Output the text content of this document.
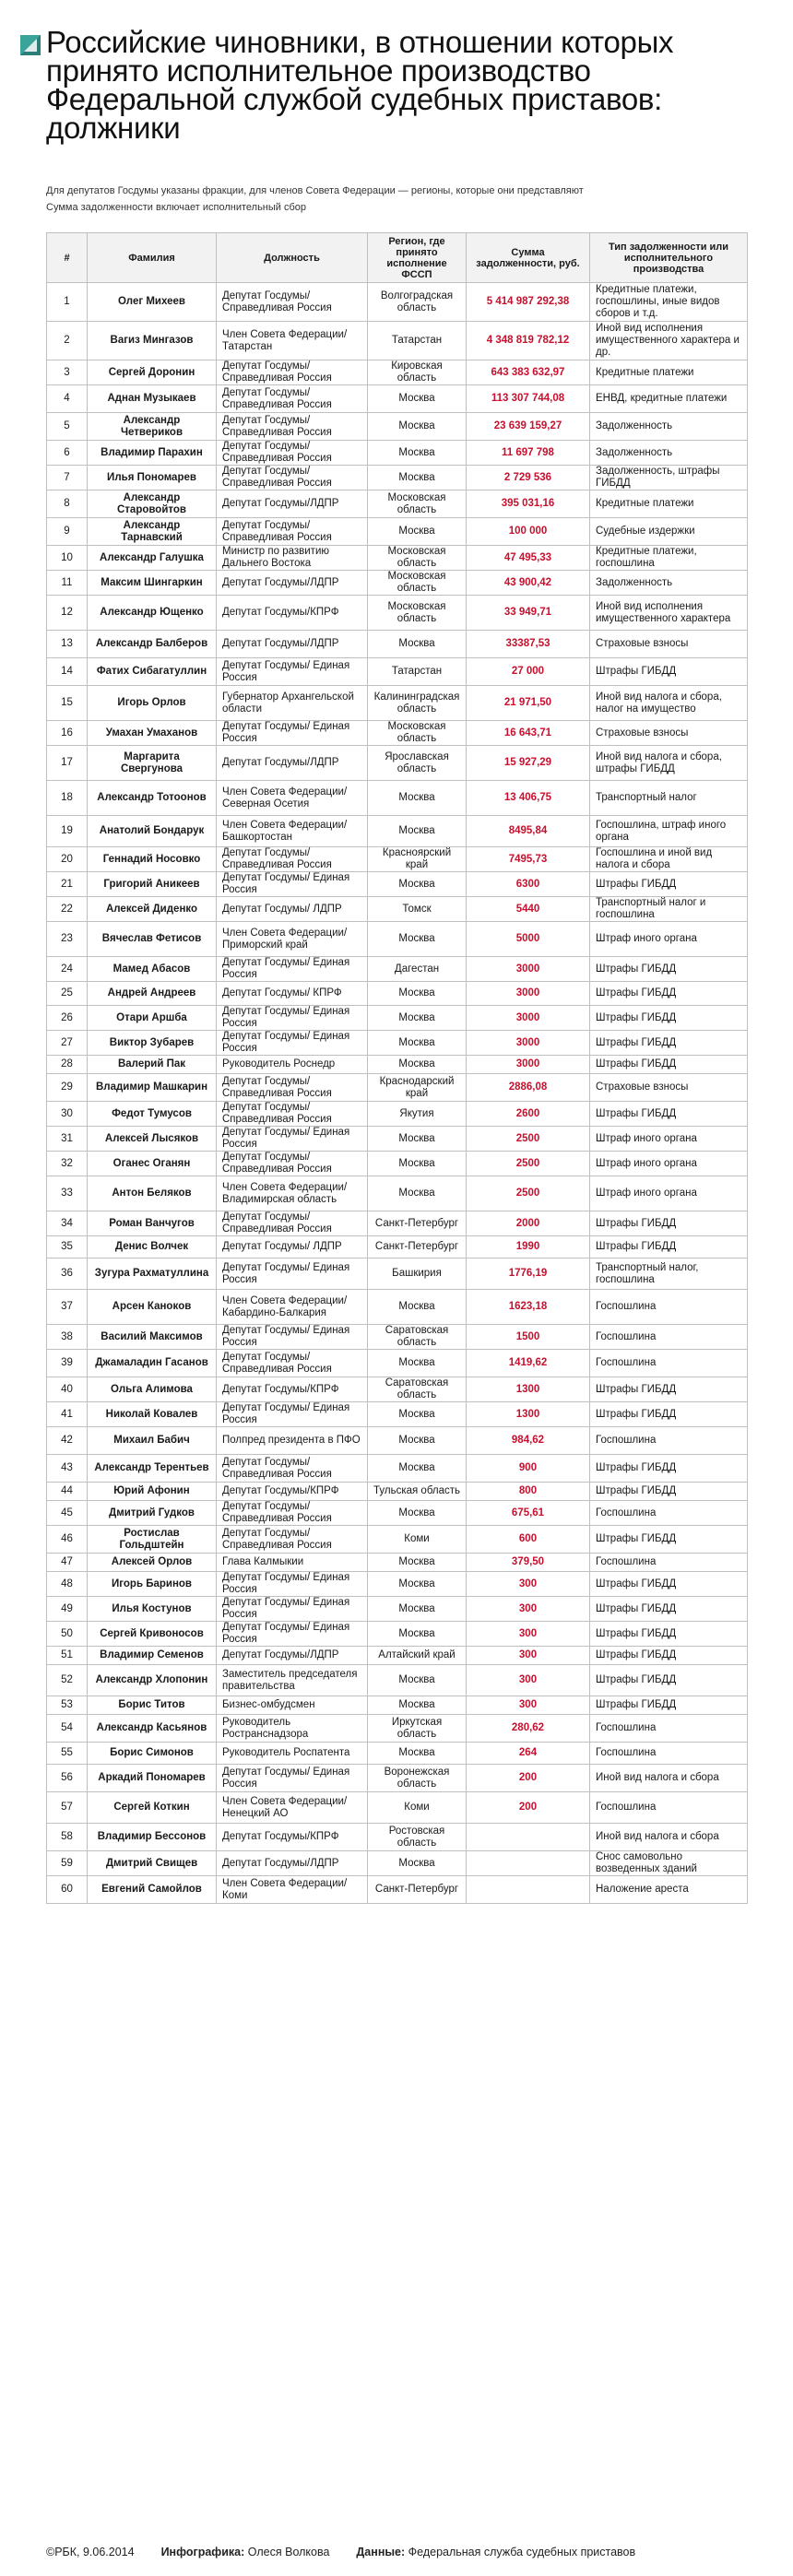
Российские чиновники, в отношении которых принято исполнительное производство Федеральной службой судебных приставов: должники
Для депутатов Госдумы указаны фракции, для членов Совета Федерации — регионы, которые они представляют
Сумма задолженности включает исполнительный сбор
#	Фамилия	Должность	Регион, где принято исполнение ФССП	Сумма задолженности, руб.	Тип задолженности или исполнительного производства
1	Олег Михеев	Депутат Госдумы/ Справедливая Россия	Волгоградская область	5 414 987 292,38	Кредитные платежи, госпошлины, иные видов сборов и т.д.
2	Вагиз Мингазов	Член Совета Федерации/Татарстан	Татарстан	4 348 819 782,12	Иной вид исполнения имущественного характера и др.
3	Сергей Доронин	Депутат Госдумы/ Справедливая Россия	Кировская область	643 383 632,97	Кредитные платежи
4	Аднан Музыкаев	Депутат Госдумы/ Справедливая Россия	Москва	113 307 744,08	ЕНВД, кредитные платежи
5	Александр Четвериков	Депутат Госдумы/ Справедливая Россия	Москва	23 639 159,27	Задолженность
6	Владимир Парахин	Депутат Госдумы/ Справедливая Россия	Москва	11 697 798	Задолженность
7	Илья Пономарев	Депутат Госдумы/ Справедливая Россия	Москва	2 729 536	Задолженность, штрафы ГИБДД
8	Александр Старовойтов	Депутат Госдумы/ЛДПР	Московская область	395 031,16	Кредитные платежи
9	Александр Тарнавский	Депутат Госдумы/ Справедливая Россия	Москва	100 000	Судебные издержки
10	Александр Галушка	Министр по развитию Дальнего Востока	Московская область	47 495,33	Кредитные платежи, госпошлина
11	Максим Шингаркин	Депутат Госдумы/ЛДПР	Московская область	43 900,42	Задолженность
12	Александр Ющенко	Депутат Госдумы/КПРФ	Московская область	33 949,71	Иной вид исполнения имущественного характера
13	Александр Балберов	Депутат Госдумы/ЛДПР	Москва	33387,53	Страховые взносы
14	Фатих Сибагатуллин	Депутат Госдумы/ Единая Россия	Татарстан	27 000	Штрафы ГИБДД
15	Игорь Орлов	Губернатор Архангельской области	Калининградская область	21 971,50	Иной вид налога и сбора, налог на имущество
16	Умахан Умаханов	Депутат Госдумы/ Единая Россия	Московская область	16 643,71	Страховые взносы
17	Маргарита Свергунова	Депутат Госдумы/ЛДПР	Ярославская область	15 927,29	Иной вид налога и сбора, штрафы ГИБДД
18	Александр Тотоонов	Член Совета Федерации/Северная Осетия	Москва	13 406,75	Транспортный налог
19	Анатолий Бондарук	Член Совета Федерации/ Башкортостан	Москва	8495,84	Госпошлина, штраф иного органа
20	Геннадий Носовко	Депутат Госдумы/ Справедливая Россия	Красноярский край	7495,73	Госпошлина и иной вид налога и сбора
21	Григорий Аникеев	Депутат Госдумы/ Единая Россия	Москва	6300	Штрафы ГИБДД
22	Алексей Диденко	Депутат Госдумы/ ЛДПР	Томск	5440	Транспортный налог и госпошлина
23	Вячеслав Фетисов	Член Совета Федерации/ Приморский край	Москва	5000	Штраф иного органа
24	Мамед Абасов	Депутат Госдумы/ Единая Россия	Дагестан	3000	Штрафы ГИБДД
25	Андрей Андреев	Депутат Госдумы/ КПРФ	Москва	3000	Штрафы ГИБДД
26	Отари Аршба	Депутат Госдумы/ Единая Россия	Москва	3000	Штрафы ГИБДД
27	Виктор Зубарев	Депутат Госдумы/ Единая Россия	Москва	3000	Штрафы ГИБДД
28	Валерий Пак	Руководитель Роснедр	Москва	3000	Штрафы ГИБДД
29	Владимир Машкарин	Депутат Госдумы/ Справедливая Россия	Краснодарский край	2886,08	Страховые взносы
30	Федот Тумусов	Депутат Госдумы/ Справедливая Россия	Якутия	2600	Штрафы ГИБДД
31	Алексей Лысяков	Депутат Госдумы/ Единая Россия	Москва	2500	Штраф иного органа
32	Оганес Оганян	Депутат Госдумы/ Справедливая Россия	Москва	2500	Штраф иного органа
33	Антон Беляков	Член Совета Федерации/ Владимирская область	Москва	2500	Штраф иного органа
34	Роман Ванчугов	Депутат Госдумы/ Справедливая Россия	Санкт-Петербург	2000	Штрафы ГИБДД
35	Денис Волчек	Депутат Госдумы/ ЛДПР	Санкт-Петербург	1990	Штрафы ГИБДД
36	Зугура Рахматуллина	Депутат Госдумы/ Единая Россия	Башкирия	1776,19	Транспортный налог, госпошлина
37	Арсен Канокoв	Член Совета Федерации/Кабардино-Балкария	Москва	1623,18	Госпошлина
38	Василий Максимов	Депутат Госдумы/ Единая Россия	Саратовская область	1500	Госпошлина
39	Джамаладин Гасанов	Депутат Госдумы/ Справедливая Россия	Москва	1419,62	Госпошлина
40	Ольга Алимова	Депутат Госдумы/КПРФ	Саратовская область	1300	Штрафы ГИБДД
41	Николай Ковалев	Депутат Госдумы/ Единая Россия	Москва	1300	Штрафы ГИБДД
42	Михаил Бабич	Полпред президента в ПФО	Москва	984,62	Госпошлина
43	Александр Терентьев	Депутат Госдумы/ Справедливая Россия	Москва	900	Штрафы ГИБДД
44	Юрий Афонин	Депутат Госдумы/КПРФ	Тульская область	800	Штрафы ГИБДД
45	Дмитрий Гудков	Депутат Госдумы/ Справедливая Россия	Москва	675,61	Госпошлина
46	Ростислав Гольдштейн	Депутат Госдумы/ Справедливая Россия	Коми	600	Штрафы ГИБДД
47	Алексей Орлов	Глава Калмыкии	Москва	379,50	Госпошлина
48	Игорь Баринов	Депутат Госдумы/ Единая Россия	Москва	300	Штрафы ГИБДД
49	Илья Костунов	Депутат Госдумы/ Единая Россия	Москва	300	Штрафы ГИБДД
50	Сергей Кривоносов	Депутат Госдумы/ Единая Россия	Москва	300	Штрафы ГИБДД
51	Владимир Семенов	Депутат Госдумы/ЛДПР	Алтайский край	300	Штрафы ГИБДД
52	Александр Хлопонин	Заместитель председателя правительства	Москва	300	Штрафы ГИБДД
53	Борис Титов	Бизнес-омбудсмен	Москва	300	Штрафы ГИБДД
54	Александр Касьянов	Руководитель Ространснадзора	Иркутская область	280,62	Госпошлина
55	Борис Симонов	Руководитель Роспатента	Москва	264	Госпошлина
56	Аркадий Пономарев	Депутат Госдумы/ Единая Россия	Воронежская область	200	Иной вид налога и сбора
57	Сергей Коткин	Член Совета Федерации/Ненецкий АО	Коми	200	Госпошлина
58	Владимир Бессонов	Депутат Госдумы/КПРФ	Ростовская область		Иной вид налога и сбора
59	Дмитрий Свищев	Депутат Госдумы/ЛДПР	Москва		Снос самовольно возведенных зданий
60	Евгений Самойлов	Член Совета Федерации/Коми	Санкт-Петербург		Наложение ареста
©РБК, 9.06.2014 Инфографика: Олеся Волкова Данные: Федеральная служба судебных приставов
